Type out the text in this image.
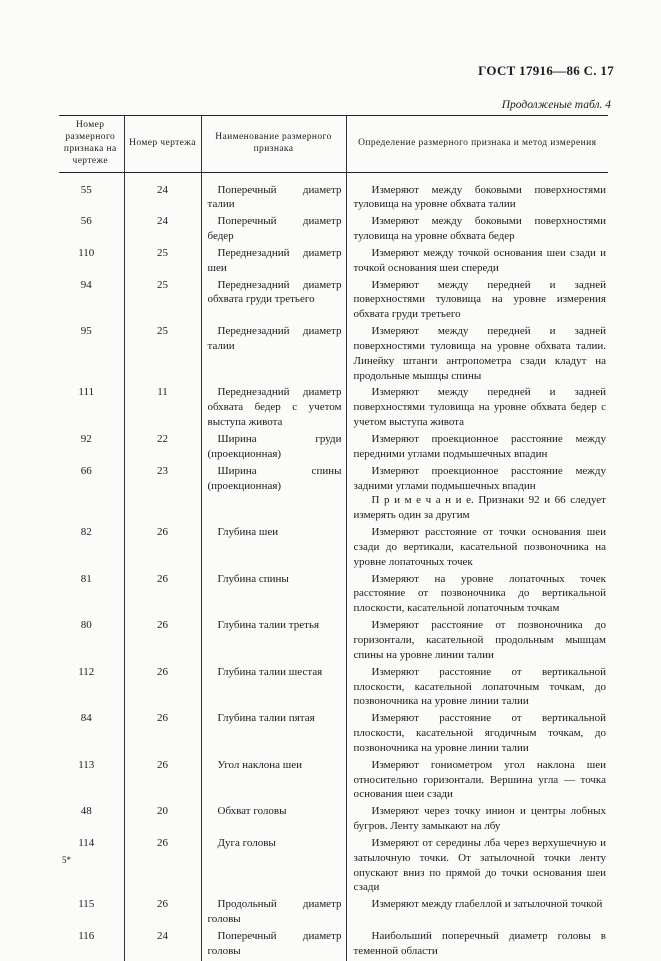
ГОСТ 17916—86 С. 17
Продолженые табл. 4
Номер размерного признака на чертеже	Номер чертежа	Наименование размерного признака	Определение размерного признака и метод измерения
55	24	Поперечный диаметр талии	Измеряют между боковыми поверхностями туловища на уровне обхвата талии
56	24	Поперечный диаметр бедер	Измеряют между боковыми поверхностями туловища на уровне обхвата бедер
110	25	Переднезадний диаметр шеи	Измеряют между точкой основания шеи сзади и точкой основания шеи спереди
94	25	Переднезадний диаметр обхвата груди третьего	Измеряют между передней и задней поверхностями туловища на уровне измерения обхвата груди третьего
95	25	Переднезадний диаметр талии	Измеряют между передней и задней поверхностями туловища на уровне обхвата талии. Линейку штанги антропометра сзади кладут на продольные мышцы спины
111	11	Переднезадний диаметр обхвата бедер с учетом выступа живота	Измеряют между передней и задней поверхностями туловища на уровне обхвата бедер с учетом выступа живота
92	22	Ширина груди (проекционная)	Измеряют проекционное расстояние между передними углами подмышечных впадин
66	23	Ширина спины (проекционная)	Измеряют проекционное расстояние между задними углами подмышечных впадин
П р и м е ч а н и е. Признаки 92 и 66 следует измерять один за другим

82	26	Глубина шеи	Измеряют расстояние от точки основания шеи сзади до вертикали, касательной позвоночника на уровне лопаточных точек
81	26	Глубина спины	Измеряют на уровне лопаточных точек расстояние от позвоночника до вертикальной плоскости, касательной лопаточным точкам
80	26	Глубина талии третья	Измеряют расстояние от позвоночника до горизонтали, касательной продольным мышцам спины на уровне линии талии
112	26	Глубина талии шестая	Измеряют расстояние от вертикальной плоскости, касательной лопаточным точкам, до позвоночника на уровне линии талии
84	26	Глубина талии пятая	Измеряют расстояние от вертикальной плоскости, касательной ягодичным точкам, до позвоночника на уровне линии талии
113	26	Угол наклона шеи	Измеряют гониометром угол наклона шеи относительно горизонтали. Вершина угла — точка основания шеи сзади
48	20	Обхват головы	Измеряют через точку инион и центры лобных бугров. Ленту замыкают на лбу
114	26	Дуга головы	Измеряют от середины лба через верхушечную и затылочную точки. От затылочной точки ленту опускают вниз по прямой до точки основания шеи сзади
115	26	Продольный диаметр головы	Измеряют между глабеллой и затылочной точкой
116	24	Поперечный диаметр головы	Наибольший поперечный диаметр головы в теменной области
5*
